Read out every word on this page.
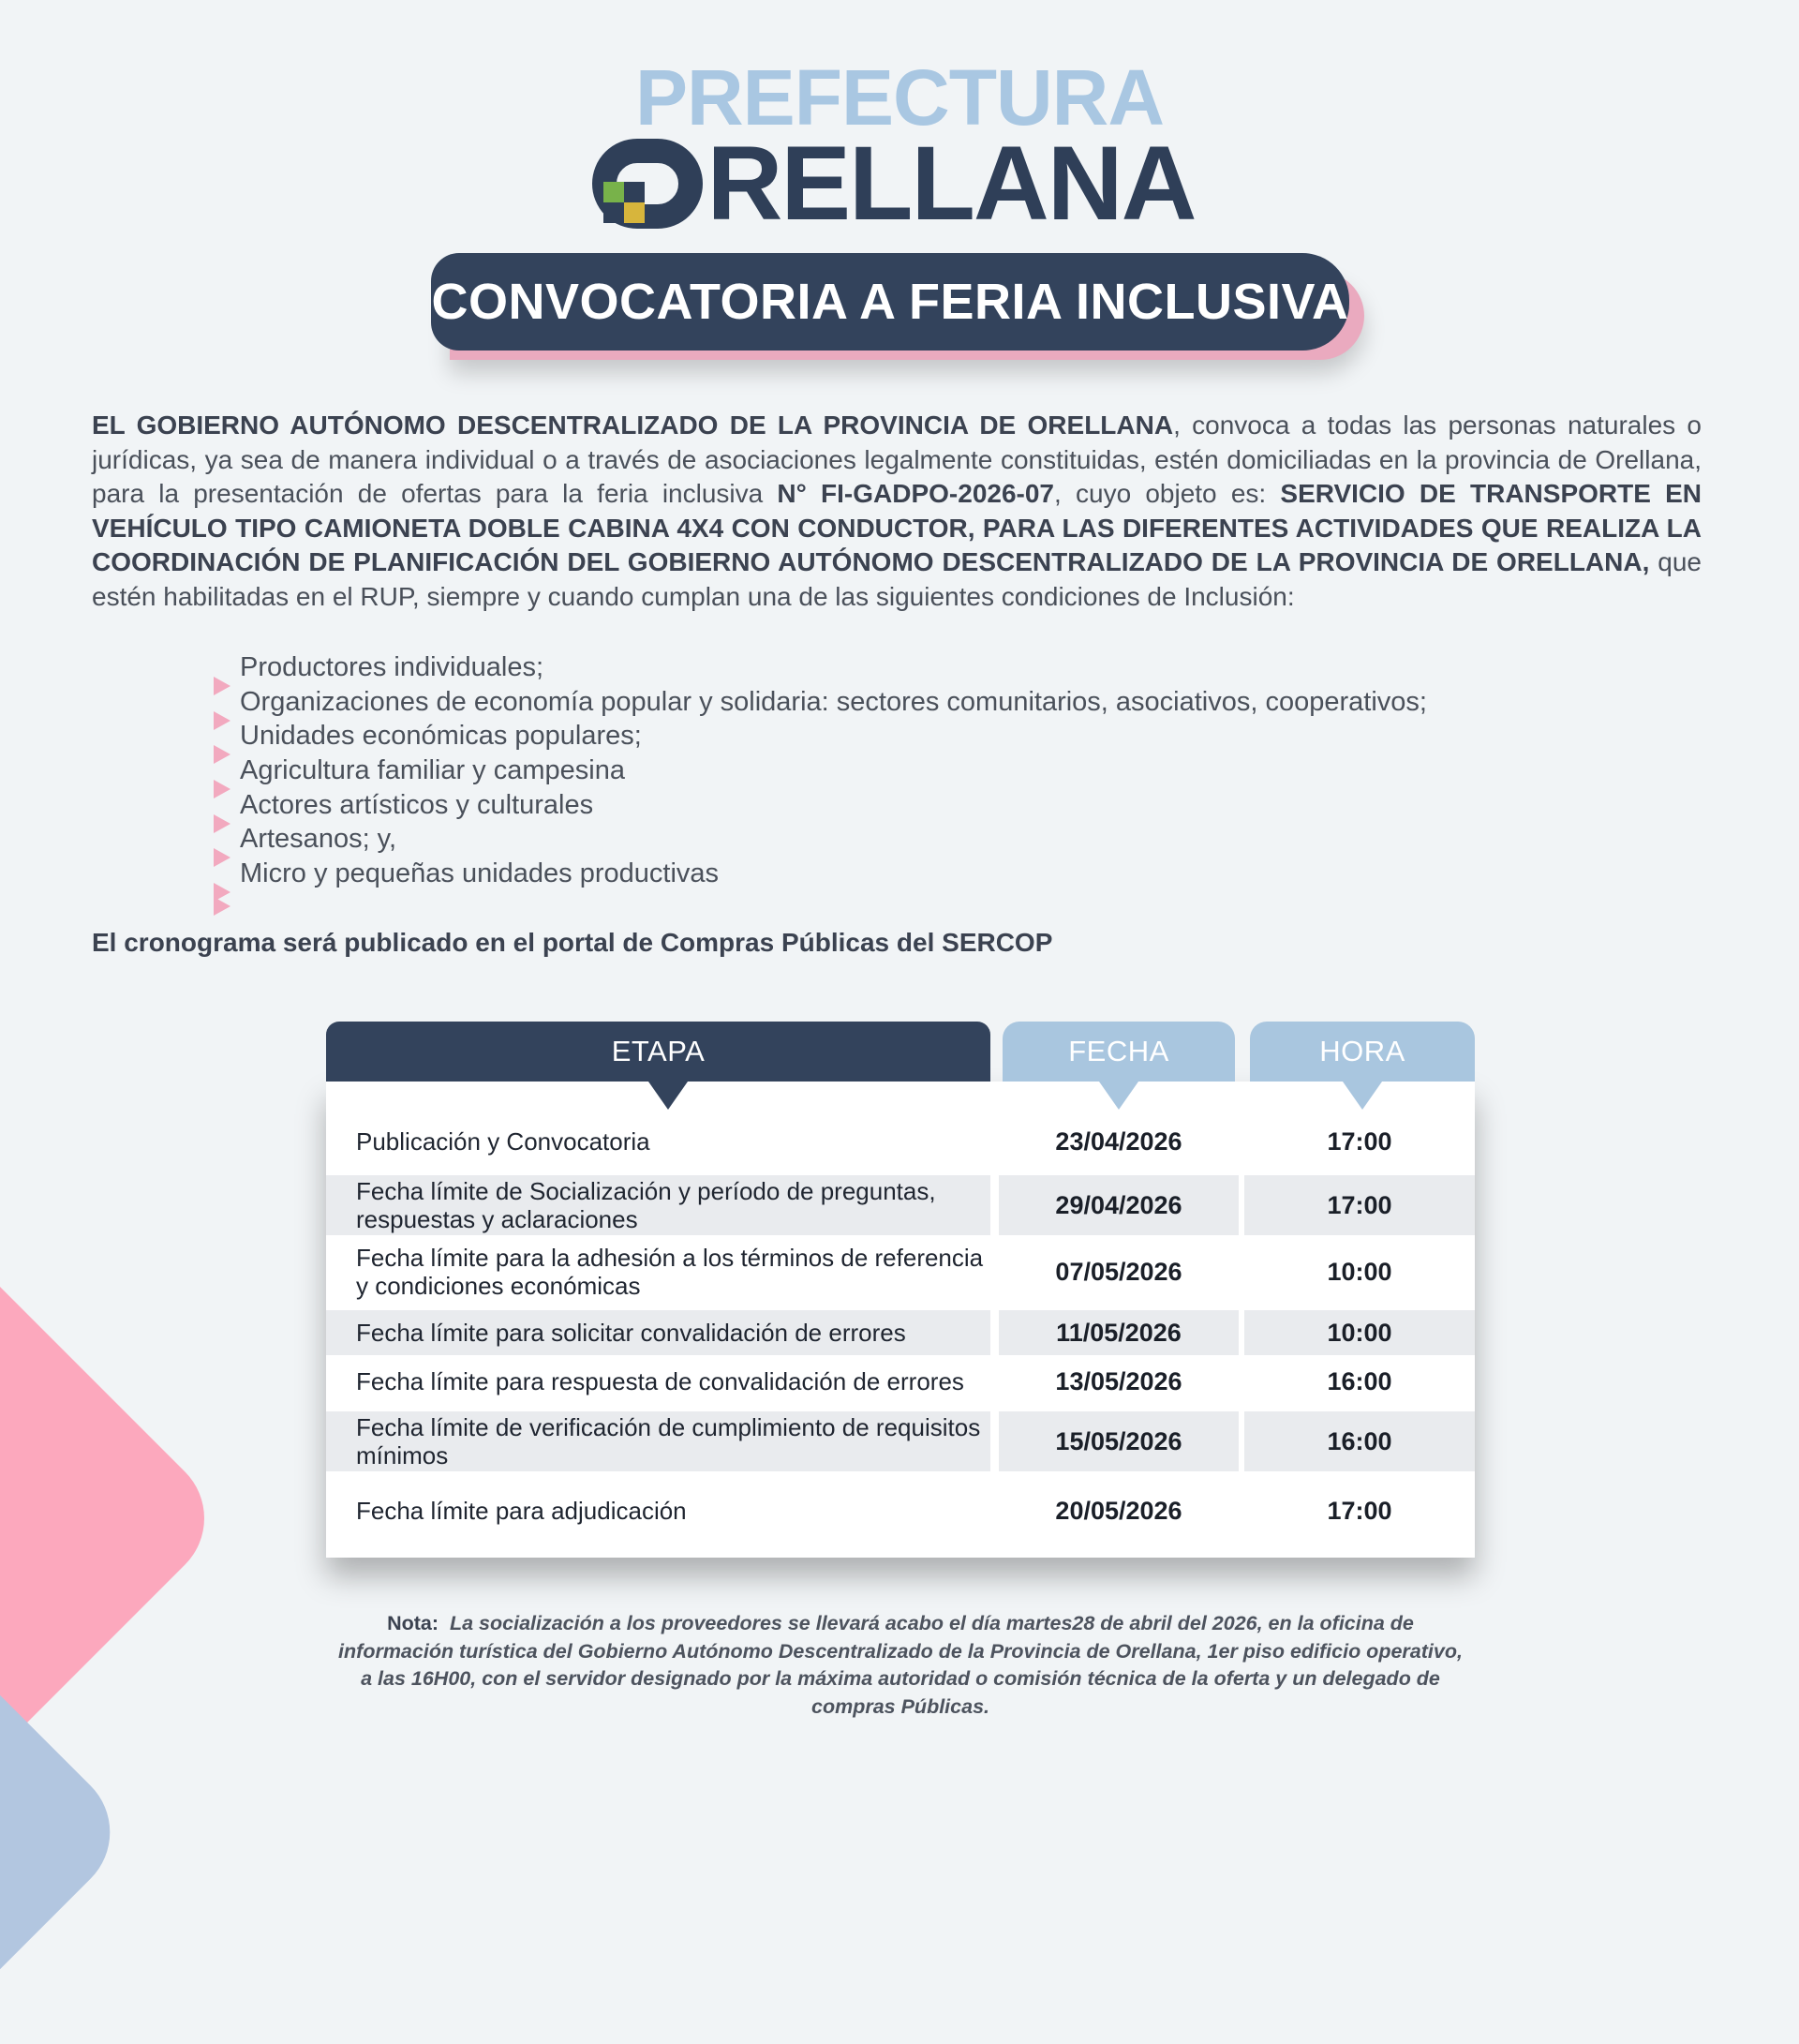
PREFECTURA
RELLANA
CONVOCATORIA A FERIA INCLUSIVA
EL GOBIERNO AUTÓNOMO DESCENTRALIZADO DE LA PROVINCIA DE ORELLANA, convoca a todas las personas naturales o jurídicas, ya sea de manera individual o a través de asociaciones legalmente constituidas, estén domiciliadas en la provincia de Orellana, para la presentación de ofertas para la feria inclusiva N° FI-GADPO-2026-07, cuyo objeto es: SERVICIO DE TRANSPORTE EN VEHÍCULO TIPO CAMIONETA DOBLE CABINA 4X4 CON CONDUCTOR, PARA LAS DIFERENTES ACTIVIDADES QUE REALIZA LA COORDINACIÓN DE PLANIFICACIÓN DEL GOBIERNO AUTÓNOMO DESCENTRALIZADO DE LA PROVINCIA DE ORELLANA, que estén habilitadas en el RUP, siempre y cuando cumplan una de las siguientes condiciones de Inclusión:
Productores individuales;
Organizaciones de economía popular y solidaria: sectores comunitarios, asociativos, cooperativos;
Unidades económicas populares;
Agricultura familiar y campesina
Actores artísticos y culturales
Artesanos; y,
Micro y pequeñas unidades productivas
El cronograma será publicado en el portal de Compras Públicas del SERCOP
Publicación y Convocatoria	23/04/2026	17:00
Fecha límite de Socialización y período de preguntas, respuestas y aclaraciones
29/04/2026	17:00
Fecha límite para la adhesión a los términos de referencia y condiciones económicas
07/05/2026	10:00
Fecha límite para solicitar convalidación de errores	11/05/2026	10:00
Fecha límite para respuesta de convalidación de errores	13/05/2026	16:00
Fecha límite de verificación de cumplimiento de requisitos mínimos
15/05/2026	16:00
Fecha límite para adjudicación	20/05/2026	17:00
ETAPA	FECHA	HORA
Nota: La socialización a los proveedores se llevará acabo el día martes28 de abril del 2026, en la oficina de información turística del Gobierno Autónomo Descentralizado de la Provincia de Orellana, 1er piso edificio operativo, a las 16H00, con el servidor designado por la máxima autoridad o comisión técnica de la oferta y un delegado de compras Públicas.
